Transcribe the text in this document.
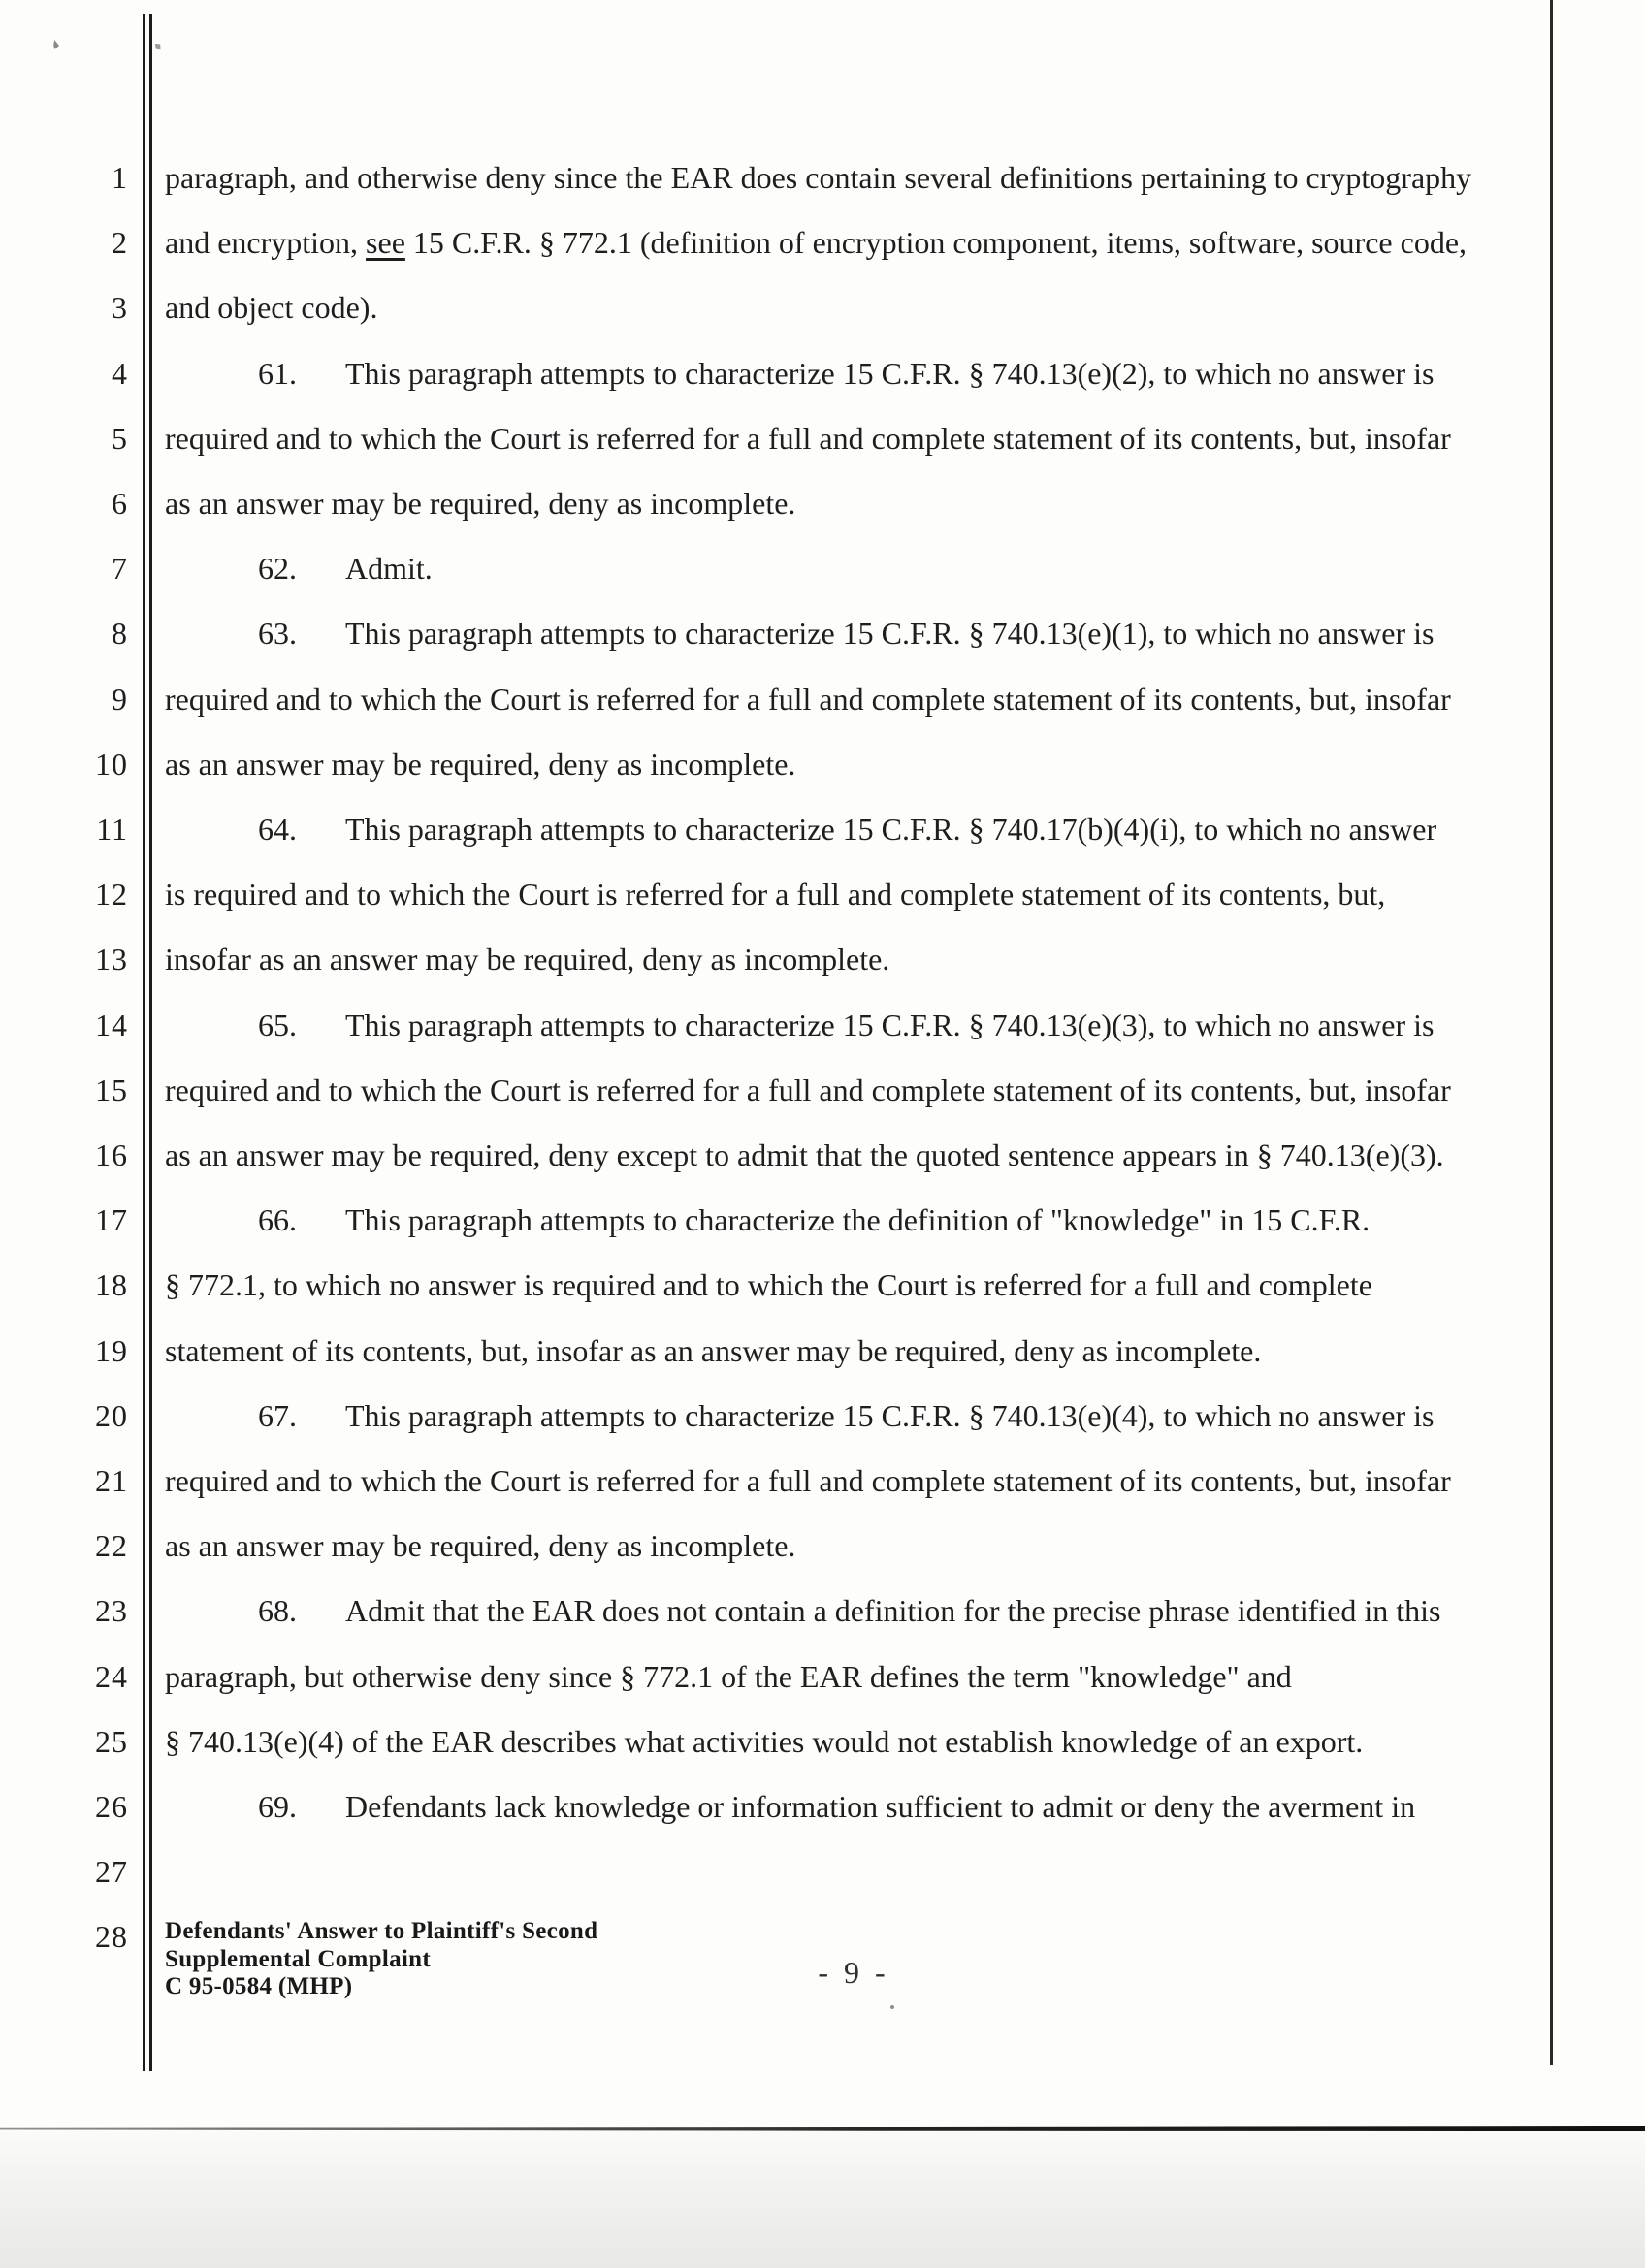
1 paragraph, and otherwise deny since the EAR does contain several definitions pertaining to cryptography
2 and encryption, see 15 C.F.R. § 772.1 (definition of encryption component, items, software, source code,
3 and object code).
4	61. This paragraph attempts to characterize 15 C.F.R. § 740.13(e)(2), to which no answer is
5 required and to which the Court is referred for a full and complete statement of its contents, but, insofar
6 as an answer may be required, deny as incomplete.
7	62. Admit.
8	63. This paragraph attempts to characterize 15 C.F.R. § 740.13(e)(1), to which no answer is
9 required and to which the Court is referred for a full and complete statement of its contents, but, insofar
10 as an answer may be required, deny as incomplete.
11	64. This paragraph attempts to characterize 15 C.F.R. § 740.17(b)(4)(i), to which no answer
12 is required and to which the Court is referred for a full and complete statement of its contents, but,
13 insofar as an answer may be required, deny as incomplete.
14	65. This paragraph attempts to characterize 15 C.F.R. § 740.13(e)(3), to which no answer is
15 required and to which the Court is referred for a full and complete statement of its contents, but, insofar
16 as an answer may be required, deny except to admit that the quoted sentence appears in § 740.13(e)(3).
17	66. This paragraph attempts to characterize the definition of "knowledge" in 15 C.F.R.
18 § 772.1, to which no answer is required and to which the Court is referred for a full and complete
19 statement of its contents, but, insofar as an answer may be required, deny as incomplete.
20	67. This paragraph attempts to characterize 15 C.F.R. § 740.13(e)(4), to which no answer is
21 required and to which the Court is referred for a full and complete statement of its contents, but, insofar
22 as an answer may be required, deny as incomplete.
23	68. Admit that the EAR does not contain a definition for the precise phrase identified in this
24 paragraph, but otherwise deny since § 772.1 of the EAR defines the term "knowledge" and
25 § 740.13(e)(4) of the EAR describes what activities would not establish knowledge of an export.
26	69. Defendants lack knowledge or information sufficient to admit or deny the averment in
27
28 Defendants' Answer to Plaintiff's Second
Supplemental Complaint
C 95-0584 (MHP)	- 9 -
